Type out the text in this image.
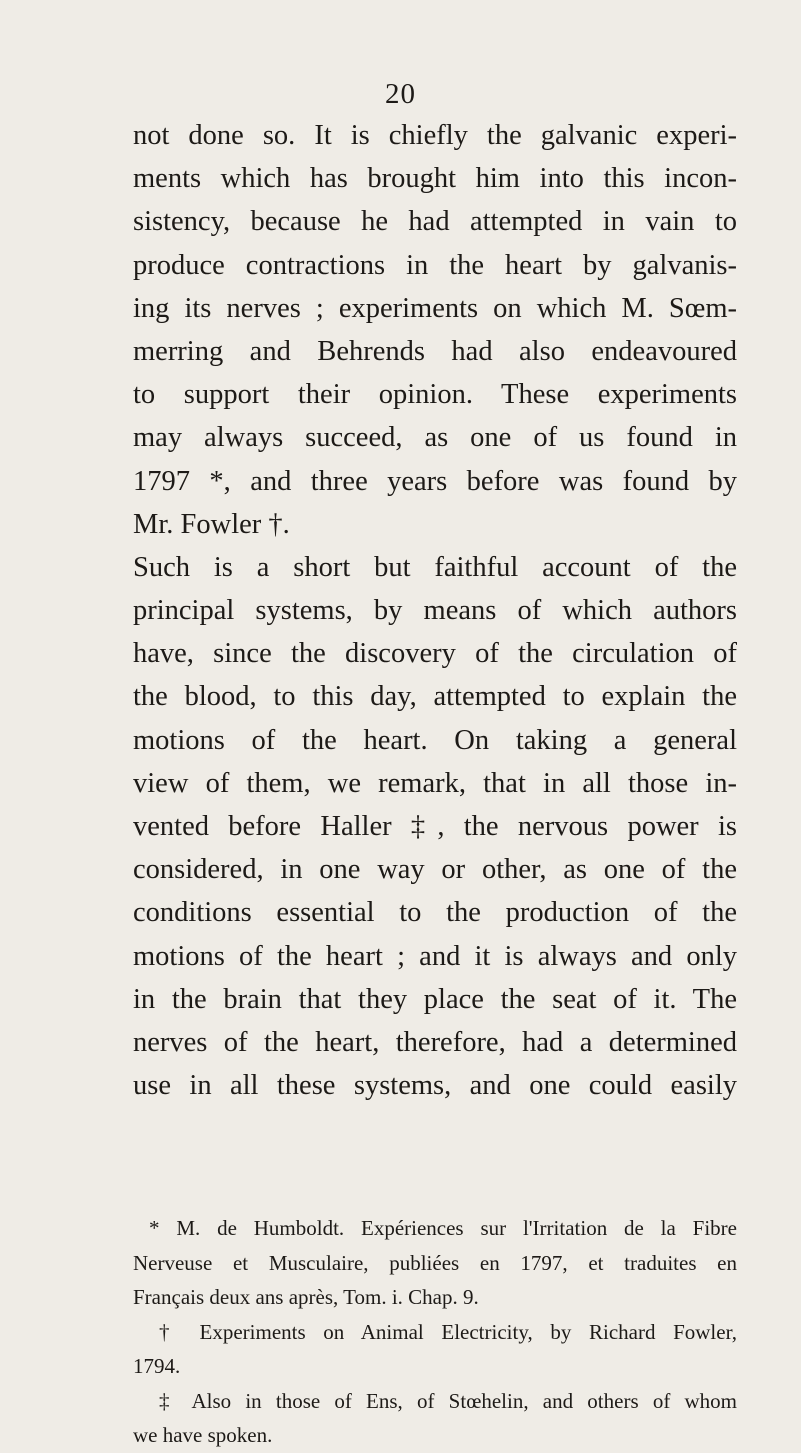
20
not done so. It is chiefly the galvanic experi-
ments which has brought him into this incon-
sistency, because he had attempted in vain to
produce contractions in the heart by galvanis-
ing its nerves ; experiments on which M. Sœm-
merring and Behrends had also endeavoured
to support their opinion. These experiments
may always succeed, as one of us found in
1797 *, and three years before was found by
Mr. Fowler †.
Such is a short but faithful account of the
principal systems, by means of which authors
have, since the discovery of the circulation of
the blood, to this day, attempted to explain the
motions of the heart. On taking a general
view of them, we remark, that in all those in-
vented before Haller ‡, the nervous power is
considered, in one way or other, as one of the
conditions essential to the production of the
motions of the heart ; and it is always and only
in the brain that they place the seat of it. The
nerves of the heart, therefore, had a determined
use in all these systems, and one could easily
* M. de Humboldt. Expériences sur l'Irritation de la Fibre
Nerveuse et Musculaire, publiées en 1797, et traduites en
Français deux ans après, Tom. i. Chap. 9.
† Experiments on Animal Electricity, by Richard Fowler,
1794.
‡ Also in those of Ens, of Stœhelin, and others of whom
we have spoken.
